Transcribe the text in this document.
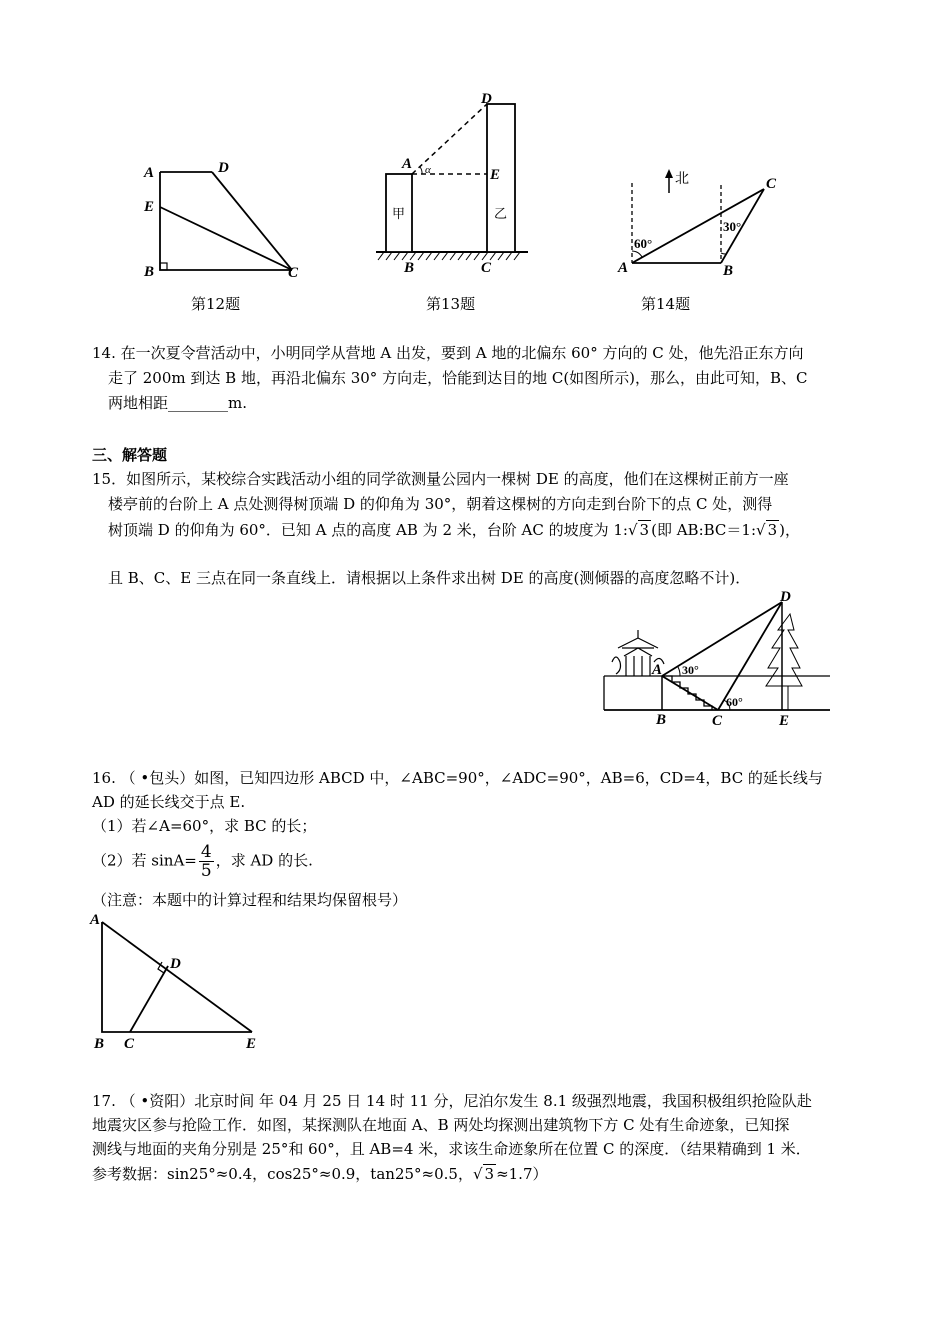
A	D
E
B	C
第12题
D
A
E
B	C
α
甲	乙
第13题
北	C
A	B
60°
30°
第14题
14. 在一次夏令营活动中，小明同学从营地 A 出发，要到 A 地的北偏东 60° 方向的 C 处，他先沿正东方向
走了 200m 到达 B 地，再沿北偏东 30° 方向走，恰能到达目的地 C(如图所示)，那么，由此可知，B、C
两地相距________m.
三、解答题
15．如图所示，某校综合实践活动小组的同学欲测量公园内一棵树 DE 的高度，他们在这棵树正前方一座
楼亭前的台阶上 A 点处测得树顶端 D 的仰角为 30°，朝着这棵树的方向走到台阶下的点 C 处，测得
树顶端 D 的仰角为 60°．已知 A 点的高度 AB 为 2 米，台阶 AC 的坡度为 1:√ 3 (即 AB:BC＝1:√ 3 )，
且 B、C、E 三点在同一条直线上．请根据以上条件求出树 DE 的高度(测倾器的高度忽略不计)．
D
A 30°
60°
B	C	E
16. （ •包头）如图，已知四边形 ABCD 中，∠ABC=90°，∠ADC=90°，AB=6，CD=4，BC 的延长线与
AD 的延长线交于点 E.
（1）若∠A=60°，求 BC 的长；
（2）若 $\sin A= \frac{4}{5}$ ，求 AD 的长.
（注意：本题中的计算过程和结果均保留根号）
A
D
B C	E
17. （ •资阳）北京时间 年 04 月 25 日 14 时 11 分，尼泊尔发生 8.1 级强烈地震，我国积极组织抢险队赴
地震灾区参与抢险工作．如图，某探测队在地面 A、B 两处均探测出建筑物下方 C 处有生命迹象，已知探
测线与地面的夹角分别是 25°和 60°，且 AB=4 米，求该生命迹象所在位置 C 的深度．（结果精确到 1 米．
参考数据：sin25°≈0.4，cos25°≈0.9，tan25°≈0.5，√ 3 ≈1.7）
